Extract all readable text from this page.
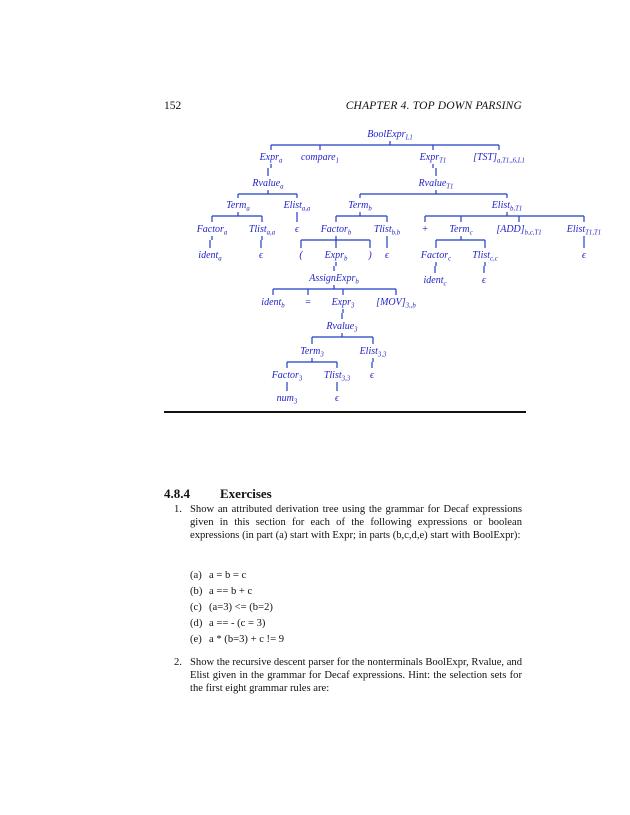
152	CHAPTER 4. TOP DOWN PARSING
BoolExpr$_{L1}$
Expr$_a$ compare$_1$	Expr$_{T1}$	$[TST]_{a,T1,,6,L1}$
Rvalue$_a$	Rvalue$_{T1}$
Term$_a$	Elist$_{a,a}$	Term$_b$	Elist$_{b,T1}$
Factor$_a$ Tlist$_{a,a}$ ϵ Factor$_b$ Tlist$_{b,b}$ + Term$_c$ $[ADD]_{b,c,T1}$	Elist$_{T1,T1}$
ident$_a$	ϵ	( Expr$_b$ ) ϵ	Factor$_c$ Tlist$_{c,c}$	ϵ
AssignExpr$_b$	ident$_c$	ϵ
ident$_b$ = Expr$_3$ $[MOV]_{3,,b}$
Rvalue$_3$
Term$_3$	Elist$_{3,3}$
Factor$_3$ Tlist$_{3,3}$ ϵ
num$_3$	ϵ
4.8.4 Exercises
1. Show an attributed derivation tree using the grammar for Decaf expressions given in this section for each of the following expressions or boolean expressions (in part (a) start with Expr; in parts (b,c,d,e) start with BoolExpr):
(a) a = b = c
(b) a == b + c
(c) (a=3) <= (b=2)
(d) a == - (c = 3)
(e) a * (b=3) + c != 9
2. Show the recursive descent parser for the nonterminals BoolExpr, Rvalue, and Elist given in the grammar for Decaf expressions. Hint: the selection sets for the first eight grammar rules are:
